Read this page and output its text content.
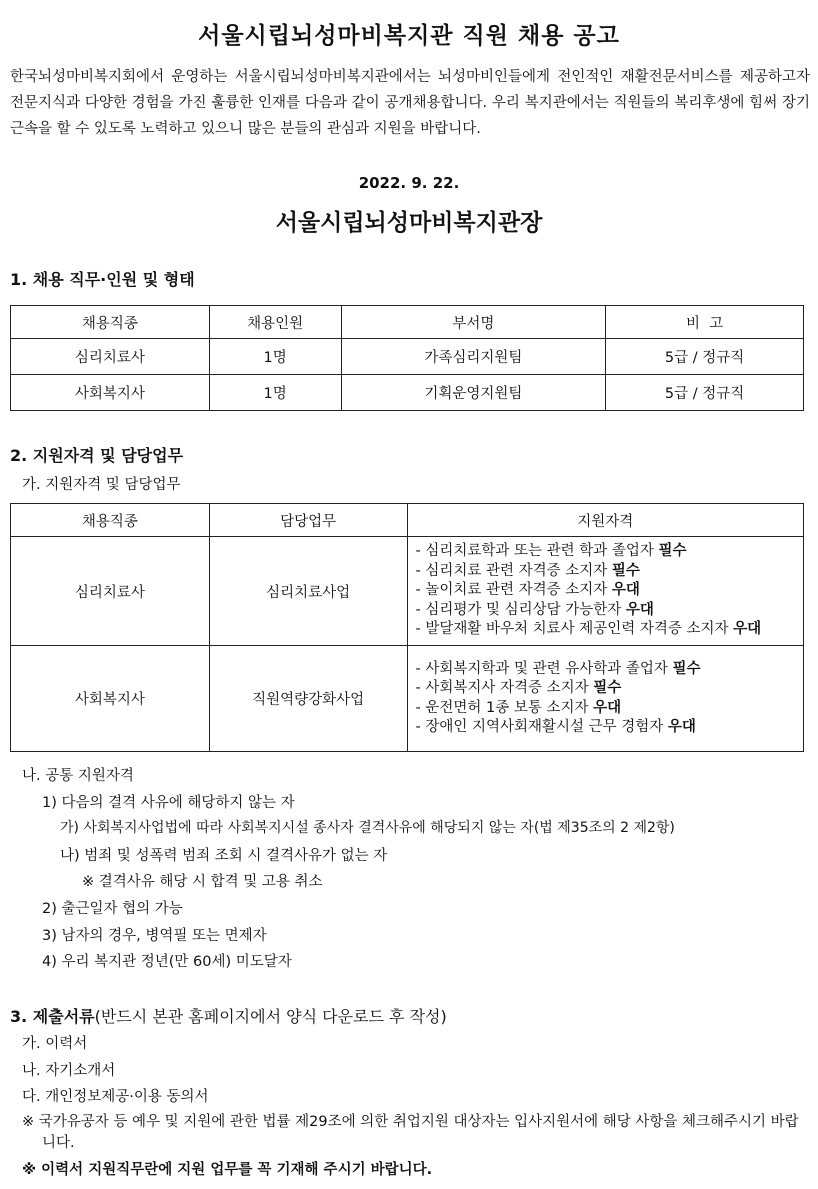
서울시립뇌성마비복지관 직원 채용 공고

한국뇌성마비복지회에서 운영하는 서울시립뇌성마비복지관에서는 뇌성마비인들에게 전인적인 재활전문서비스를 제공하고자 전문지식과 다양한 경험을 가진 훌륭한 인재를 다음과 같이 공개채용합니다. 우리 복지관에서는 직원들의 복리후생에 힘써 장기근속을 할 수 있도록 노력하고 있으니 많은 분들의 관심과 지원을 바랍니다.

2022. 9. 22.
서울시립뇌성마비복지관장
1. 채용 직무·인원 및 형태
채용직종	채용인원	부서명	비  고
심리치료사	1명	가족심리지원팀	5급 / 정규직
사회복지사	1명	기획운영지원팀	5급 / 정규직
2. 지원자격 및 담당업무
가. 지원자격 및 담당업무
채용직종	담당업무	지원자격
심리치료사	심리치료사업	- 심리치료학과 또는 관련 학과 졸업자 필수
- 심리치료 관련 자격증 소지자 필수
- 놀이치료 관련 자격증 소지자 우대
- 심리평가 및 심리상담 가능한자 우대
- 발달재활 바우처 치료사 제공인력 자격증 소지자 우대

사회복지사	직원역량강화사업	- 사회복지학과 및 관련 유사학과 졸업자 필수
- 사회복지사 자격증 소지자 필수
- 운전면허 1종 보통 소지자 우대
- 장애인 지역사회재활시설 근무 경험자 우대
나. 공통 지원자격
1) 다음의 결격 사유에 해당하지 않는 자
가) 사회복지사업법에 따라 사회복지시설 종사자 결격사유에 해당되지 않는 자(법 제35조의 2 제2항)
나) 범죄 및 성폭력 범죄 조회 시 결격사유가 없는 자
※ 결격사유 해당 시 합격 및 고용 취소
2) 출근일자 협의 가능
3) 남자의 경우, 병역필 또는 면제자
4) 우리 복지관 정년(만 60세) 미도달자
3. 제출서류(반드시 본관 홈페이지에서 양식 다운로드 후 작성)
가. 이력서
나. 자기소개서
다. 개인정보제공·이용 동의서
※ 국가유공자 등 예우 및 지원에 관한 법률 제29조에 의한 취업지원 대상자는 입사지원서에 해당 사항을 체크해주시기 바랍니다.
※ 이력서 지원직무란에 지원 업무를 꼭 기재해 주시기 바랍니다.
